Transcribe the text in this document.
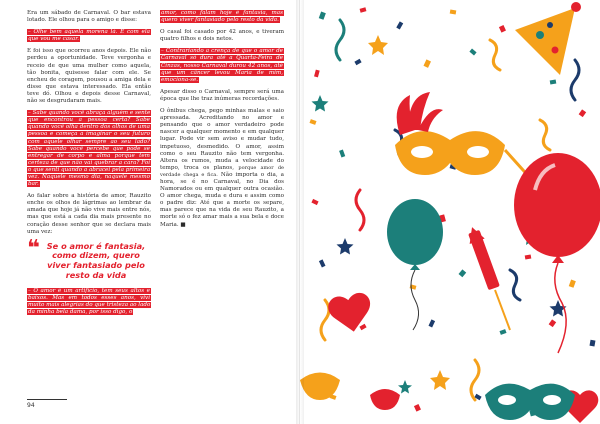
Era um sábado de Carnaval. O bar estava lotado. Ele olhou para o amigo e disse:

– Olhe bem aquela morena lá. É com ela que vou me casar.

E foi isso que ocorreu anos depois. Ele não perdeu a oportunidade. Teve vergonha e receio de que uma mulher como aquela, tão bonita, quisesse falar com ele. Se encheu de coragem, pousou a amiga dela e disse que estava interessado. Ela então teve dó. Olhou e depois desse Carnaval, não se desgrudaram mais.

– Sabe quando você abraça alguém e sente que encontrou a pessoa certa? Sabe quando você olha dentro dos olhos de uma pessoa e começa a imaginar o seu futuro com aquele olhar sempre ao seu lado? Sabe quando você percebe que pode se entregar de corpo e alma porque tem certeza de que não vai quebrar a cara? Foi o que senti quando a abracei pela primeira vez. Naquele mesmo dia, naquele mesmo bar.

Ao falar sobre a história de amor, Rauzito enche os olhos de lágrimas ao lembrar da amada que hoje já não vive mais entre nós, mas que está a cada dia mais presente no coração desse senhor que se declara mais uma vez:

❝ Se o amor é fantasia, como dizem, quero viver fantasiado pelo resto da vida

– O amor é um artifício, tem seus altos e baixos. Mas em todos esses anos, vivi muito mais alegrias do que tristeza ao lado da minha bela dama, por isso digo, o

amor, como falam hoje é fantasia, mas quero viver fantasiado pelo resto da vida.

O casal foi casado por 42 anos, e tiveram quatro filhos e dois netos.

– Contrariando a crença de que o amor de Carnaval só dura até a Quarta-Feira de Cinzas, nosso Carnaval durou 42 anos, até que um câncer levou Maria de mim, emociona-se.

Apesar disso o Carnaval, sempre será uma época que lhe traz inúmeras recordações.

O ônibus chega, pego minhas malas e saio apressada. Acreditando no amor e pensando que o amor verdadeiro pode nascer a qualquer momento e em qualquer lugar. Pode vir sem aviso e mudar tudo, impetuoso, desmedido. O amor, assim como o seu Rauzito não tem vergonha. Altera os rumos, muda a velocidade do tempo, troca os planos, porque amor de verdade chega e fica. Não importa o dia, a hora, se é no Carnaval, no Dia dos Namorados ou em qualquer outra ocasião. O amor chega, muda e dura e assim como o padre diz: Até que a morte os separe, mas parece que na vida de seu Rauzito, a morte só o fez amar mais a sua bela e doce Maria. ■

94
